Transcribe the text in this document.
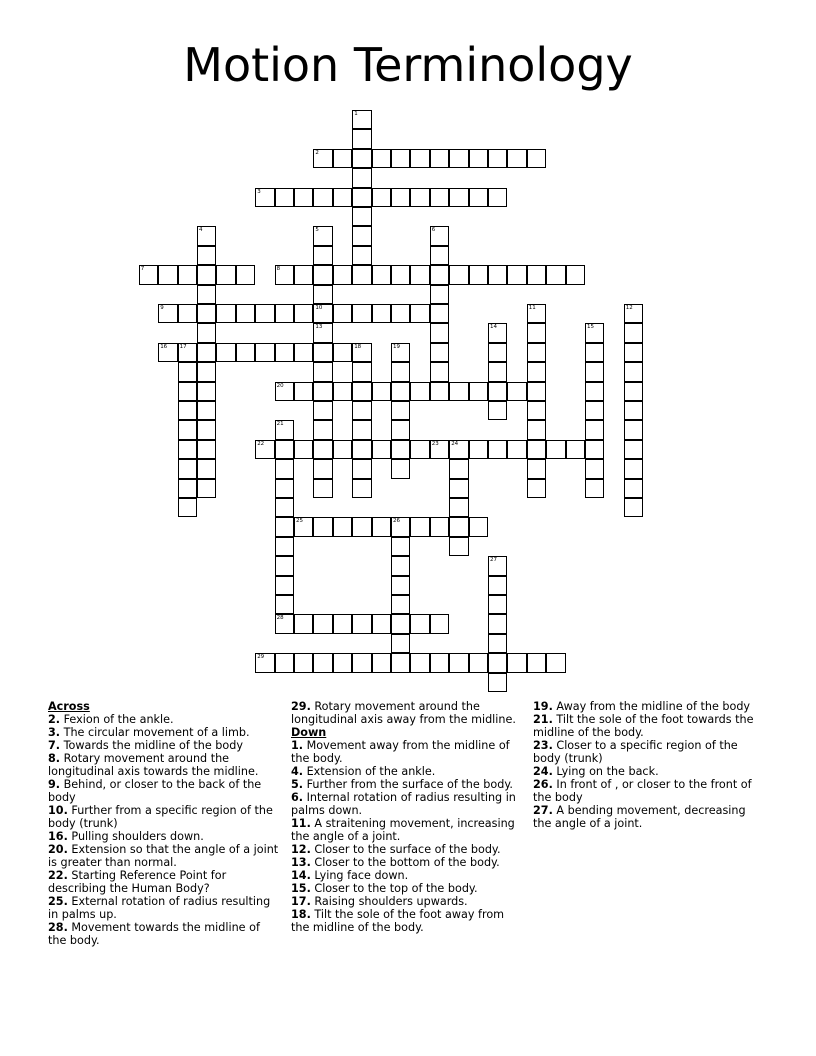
Motion Terminology
2
3
7	8
9	10
16 17
20
22	23 24
25	26
28
29
1
4	5
13
6
11	12
14	15
18	19
21
27
Across

2. Fexion of the ankle.

3. The circular movement of a limb.

7. Towards the midline of the body

8. Rotary movement around the longitudinal axis towards the midline.

9. Behind, or closer to the back of the body

10. Further from a specific region of the body (trunk)

16. Pulling shoulders down.

20. Extension so that the angle of a joint is greater than normal.

22. Starting Reference Point for describing the Human Body?

25. External rotation of radius resulting in palms up.

28. Movement towards the midline of the body.

29. Rotary movement around the longitudinal axis away from the midline.

Down

1. Movement away from the midline of the body.

4. Extension of the ankle.

5. Further from the surface of the body.

6. Internal rotation of radius resulting in palms down.

11. A straitening movement, increasing the angle of a joint.

12. Closer to the surface of the body.

13. Closer to the bottom of the body.

14. Lying face down.

15. Closer to the top of the body.

17. Raising shoulders upwards.

18. Tilt the sole of the foot away from the midline of the body.

19. Away from the midline of the body

21. Tilt the sole of the foot towards the midline of the body.

23. Closer to a specific region of the body (trunk)

24. Lying on the back.

26. In front of , or closer to the front of the body

27. A bending movement, decreasing the angle of a joint.
